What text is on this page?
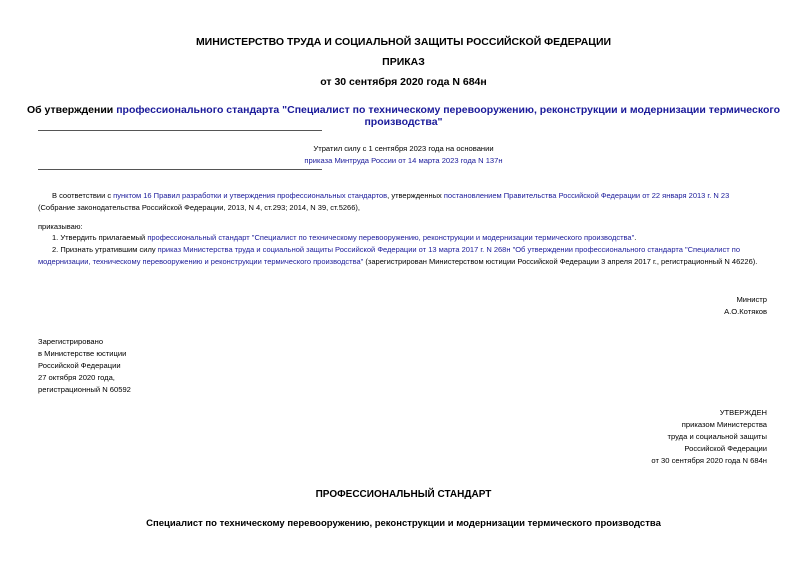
МИНИСТЕРСТВО ТРУДА И СОЦИАЛЬНОЙ ЗАЩИТЫ РОССИЙСКОЙ ФЕДЕРАЦИИ
ПРИКАЗ
от 30 сентября 2020 года N 684н
Об утверждении профессионального стандарта "Специалист по техническому перевооружению, реконструкции и модернизации термического производства"
Утратил силу с 1 сентября 2023 года на основании
приказа Минтруда России от 14 марта 2023 года N 137н
В соответствии с пунктом 16 Правил разработки и утверждения профессиональных стандартов, утвержденных постановлением Правительства Российской Федерации от 22 января 2013 г. N 23 (Собрание законодательства Российской Федерации, 2013, N 4, ст.293; 2014, N 39, ст.5266),
приказываю:
1. Утвердить прилагаемый профессиональный стандарт "Специалист по техническому перевооружению, реконструкции и модернизации термического производства".
2. Признать утратившим силу приказ Министерства труда и социальной защиты Российской Федерации от 13 марта 2017 г. N 268н "Об утверждении профессионального стандарта "Специалист по модернизации, техническому перевооружению и реконструкции термического производства" (зарегистрирован Министерством юстиции Российской Федерации 3 апреля 2017 г., регистрационный N 46226).
Министр
А.О.Котяков
Зарегистрировано
в Министерстве юстиции
Российской Федерации
27 октября 2020 года,
регистрационный N 60592
УТВЕРЖДЕН
приказом Министерства
труда и социальной защиты
Российской Федерации
от 30 сентября 2020 года N 684н
ПРОФЕССИОНАЛЬНЫЙ СТАНДАРТ
Специалист по техническому перевооружению, реконструкции и модернизации термического производства
